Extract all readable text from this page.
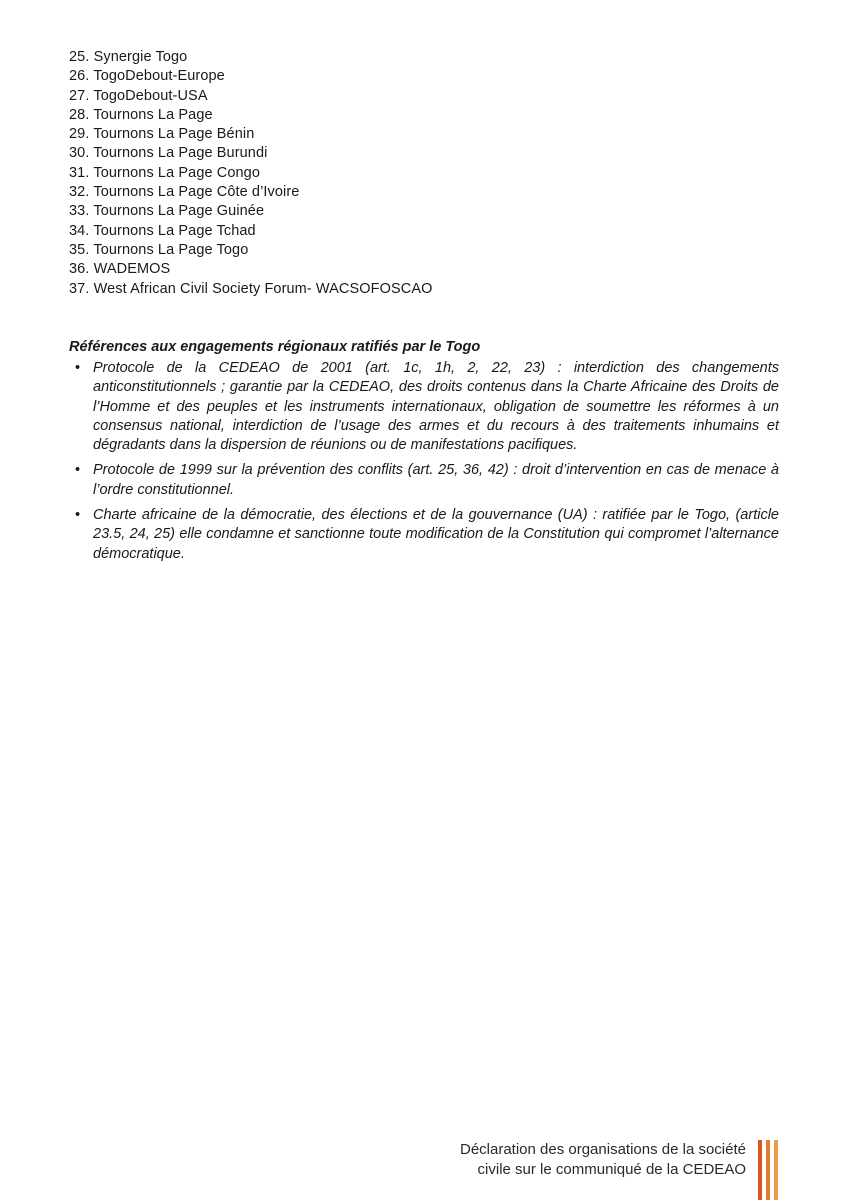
25. Synergie Togo
26. TogoDebout-Europe
27. TogoDebout-USA
28. Tournons La Page
29. Tournons La Page Bénin
30. Tournons La Page Burundi
31. Tournons La Page Congo
32. Tournons La Page Côte d’Ivoire
33. Tournons La Page Guinée
34. Tournons La Page Tchad
35. Tournons La Page Togo
36. WADEMOS
37. West African Civil Society Forum- WACSOFOSCAO

Références aux engagements régionaux ratifiés par le Togo

• Protocole de la CEDEAO de 2001 (art. 1c, 1h, 2, 22, 23) : interdiction des changements anticonstitutionnels ; garantie par la CEDEAO, des droits contenus dans la Charte Africaine des Droits de l’Homme et des peuples et les instruments internationaux, obligation de soumettre les réformes à un consensus national, interdiction de l’usage des armes et du recours à des traitements inhumains et dégradants dans la dispersion de réunions ou de manifestations pacifiques.
• Protocole de 1999 sur la prévention des conflits (art. 25, 36, 42) : droit d’intervention en cas de menace à l’ordre constitutionnel.
• Charte africaine de la démocratie, des élections et de la gouvernance (UA) : ratifiée par le Togo, (article 23.5, 24, 25) elle condamne et sanctionne toute modification de la Constitution qui compromet l’alternance démocratique.
Déclaration des organisations de la société
civile sur le communiqué de la CEDEAO
